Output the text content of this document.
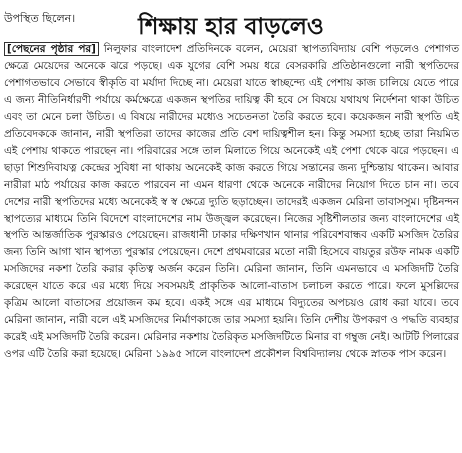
উপস্থিত ছিলেন।	শিক্ষায় হার বাড়লেও

[পেছনের পৃষ্ঠার পর] নিলুফার বাংলাদেশ প্রতিদিনকে বলেন, মেয়েরা স্থাপত্যবিদ্যায় বেশি পড়লেও পেশাগত ক্ষেত্রে মেয়েদের অনেকে ঝরে পড়ছে। এক যুগের বেশি সময় ধরে বেসরকারি প্রতিষ্ঠানগুলো নারী স্থপতিদের পেশাগতভাবে সেভাবে স্বীকৃতি বা মর্যাদা দিচ্ছে না। মেয়েরা যাতে স্বাচ্ছন্দ্যে এই পেশায় কাজ চালিয়ে যেতে পারে এ জন্য নীতিনির্ধারণী পর্যায়ে কর্মক্ষেত্রে একজন স্থপতির দায়িত্ব কী হবে সে বিষয়ে যথাযথ নির্দেশনা থাকা উচিত এবং তা মেনে চলা উচিত। এ বিষয়ে নারীদের মধ্যেও সচেতনতা তৈরি করতে হবে। কয়েকজন নারী স্থপতি এই প্রতিবেদককে জানান, নারী স্থপতিরা তাদের কাজের প্রতি বেশ দায়িত্বশীল হন। কিন্তু সমস্যা হচ্ছে তারা নিয়মিত এই পেশায় থাকতে পারছেন না। পরিবারের সঙ্গে তাল মিলাতে গিয়ে অনেকেই এই পেশা থেকে ঝরে পড়ছেন। এ ছাড়া শিশুদিবাযত্ন কেন্দ্রের সুবিধা না থাকায় অনেকেই কাজ করতে গিয়ে সন্তানের জন্য দুশ্চিন্তায় থাকেন। আবার নারীরা মাঠ পর্যায়ের কাজ করতে পারবেন না এমন ধারণা থেকে অনেকে নারীদের নিয়োগ দিতে চান না। তবে দেশের নারী স্থপতিদের মধ্যে অনেকেই স্ব স্ব ক্ষেত্রে দ্যুতি ছড়াচ্ছেন। তাদেরই একজন মেরিনা তাবাসসুম। দৃষ্টিনন্দন স্থাপত্যের মাধ্যমে তিনি বিদেশে বাংলাদেশের নাম উজ্জ্বল করেছেন। নিজের সৃষ্টিশীলতার জন্য বাংলাদেশের এই স্থপতি আন্তর্জাতিক পুরস্কারও পেয়েছেন। রাজধানী ঢাকার দক্ষিণখান থানার পরিবেশবান্ধব একটি মসজিদ তৈরির জন্য তিনি আগা খান স্থাপত্য পুরস্কার পেয়েছেন। দেশে প্রথমবারের মতো নারী হিসেবে বায়তুর রউফ নামক একটি মসজিদের নকশা তৈরি করার কৃতিত্ব অর্জন করেন তিনি। মেরিনা জানান, তিনি এমনভাবে এ মসজিদটি তৈরি করেছেন যাতে করে এর মধ্যে দিয়ে সবসময়ই প্রাকৃতিক আলো-বাতাস চলাচল করতে পারে। ফলে মুসল্লিদের কৃত্রিম আলো বাতাসের প্রয়োজন কম হবে। একই সঙ্গে এর মাধ্যমে বিদ্যুতের অপচয়ও রোধ করা যাবে। তবে মেরিনা জানান, নারী বলে এই মসজিদের নির্মাণকাজে তার সমস্যা হয়নি। তিনি দেশীয় উপকরণ ও পদ্ধতি ব্যবহার করেই এই মসজিদটি তৈরি করেন। মেরিনার নকশায় তৈরিকৃত মসজিদটিতে মিনার বা গম্বুজ নেই। আটটি পিলারের ওপর এটি তৈরি করা হয়েছে। মেরিনা ১৯৯৫ সালে বাংলাদেশ প্রকৌশল বিশ্ববিদ্যালয় থেকে স্নাতক পাস করেন।
